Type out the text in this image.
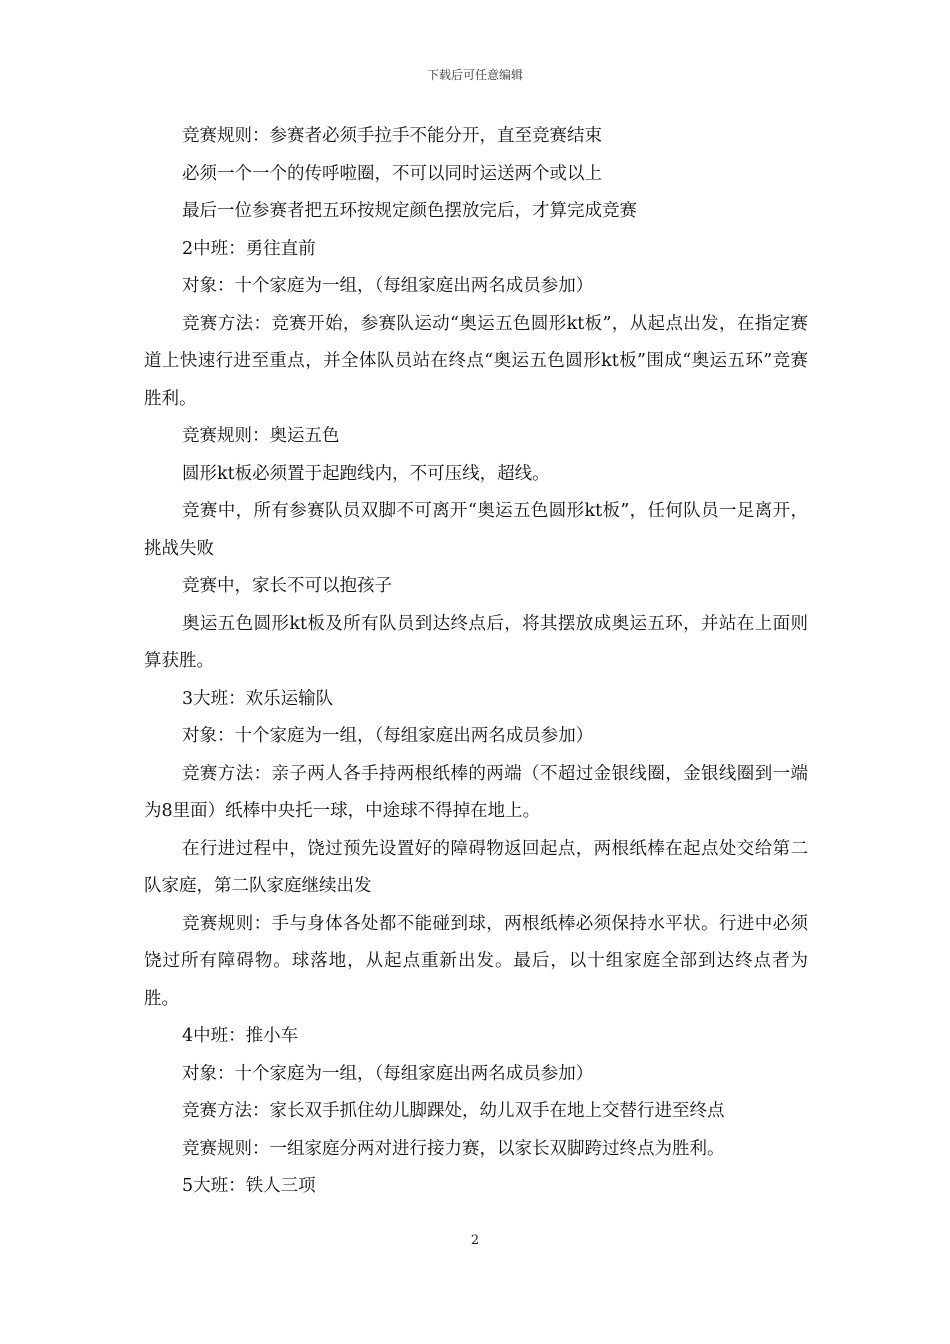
下载后可任意编辑

竞赛规则：参赛者必须手拉手不能分开，直至竞赛结束

必须一个一个的传呼啦圈，不可以同时运送两个或以上

最后一位参赛者把五环按规定颜色摆放完后，才算完成竞赛

2中班：勇往直前

对象：十个家庭为一组，（每组家庭出两名成员参加）

竞赛方法：竞赛开始，参赛队运动“奥运五色圆形kt板”，从起点出发，在指定赛道上快速行进至重点，并全体队员站在终点“奥运五色圆形kt板”围成“奥运五环”竞赛胜利。

竞赛规则：奥运五色

圆形kt板必须置于起跑线内，不可压线，超线。

竞赛中，所有参赛队员双脚不可离开“奥运五色圆形kt板”，任何队员一足离开，挑战失败

竞赛中，家长不可以抱孩子

奥运五色圆形kt板及所有队员到达终点后，将其摆放成奥运五环，并站在上面则算获胜。

3大班：欢乐运输队

对象：十个家庭为一组，（每组家庭出两名成员参加）

竞赛方法：亲子两人各手持两根纸棒的两端（不超过金银线圈，金银线圈到一端为8里面）纸棒中央托一球，中途球不得掉在地上。

在行进过程中，饶过预先设置好的障碍物返回起点，两根纸棒在起点处交给第二队家庭，第二队家庭继续出发

竞赛规则：手与身体各处都不能碰到球，两根纸棒必须保持水平状。行进中必须饶过所有障碍物。球落地，从起点重新出发。最后，以十组家庭全部到达终点者为胜。

4中班：推小车

对象：十个家庭为一组，（每组家庭出两名成员参加）

竞赛方法：家长双手抓住幼儿脚踝处，幼儿双手在地上交替行进至终点

竞赛规则：一组家庭分两对进行接力赛，以家长双脚跨过终点为胜利。

5大班：铁人三项

2
